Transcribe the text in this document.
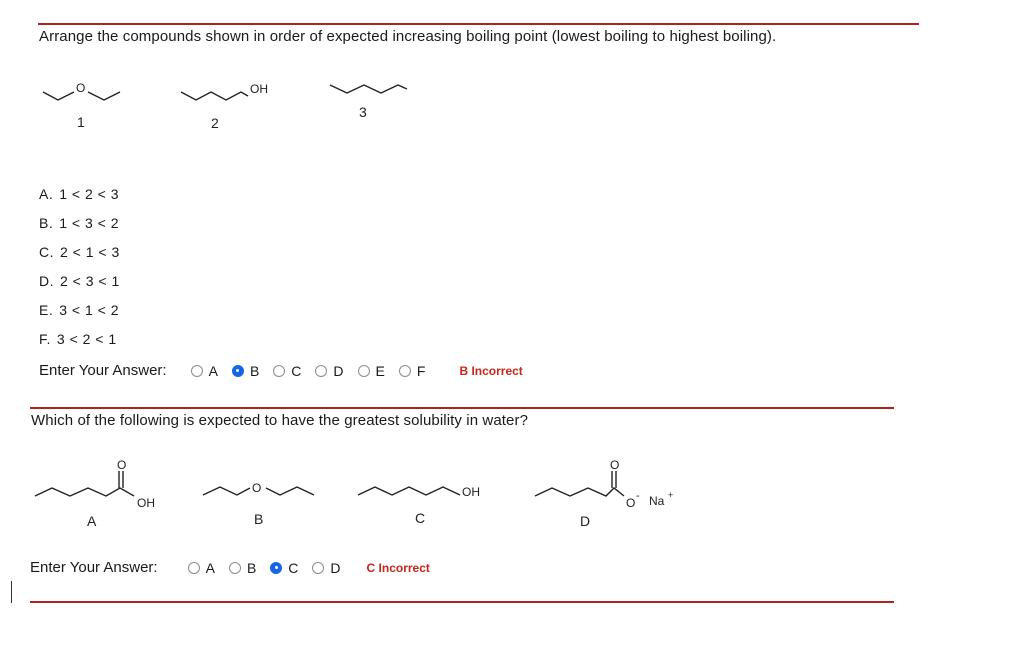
Arrange the compounds shown in order of expected increasing boiling point (lowest boiling to highest boiling).
O
1
OH
2
3
A. 1 < 2 < 3
B. 1 < 3 < 2
C. 2 < 1 < 3
D. 2 < 3 < 1
E. 3 < 1 < 2
F. 3 < 2 < 1
Enter Your Answer:	A B C D E F	B Incorrect
Which of the following is expected to have the greatest solubility in water?
O
OH
A
O
B
OH
C
O
O - Na +
D
Enter Your Answer:	A B C D C Incorrect
